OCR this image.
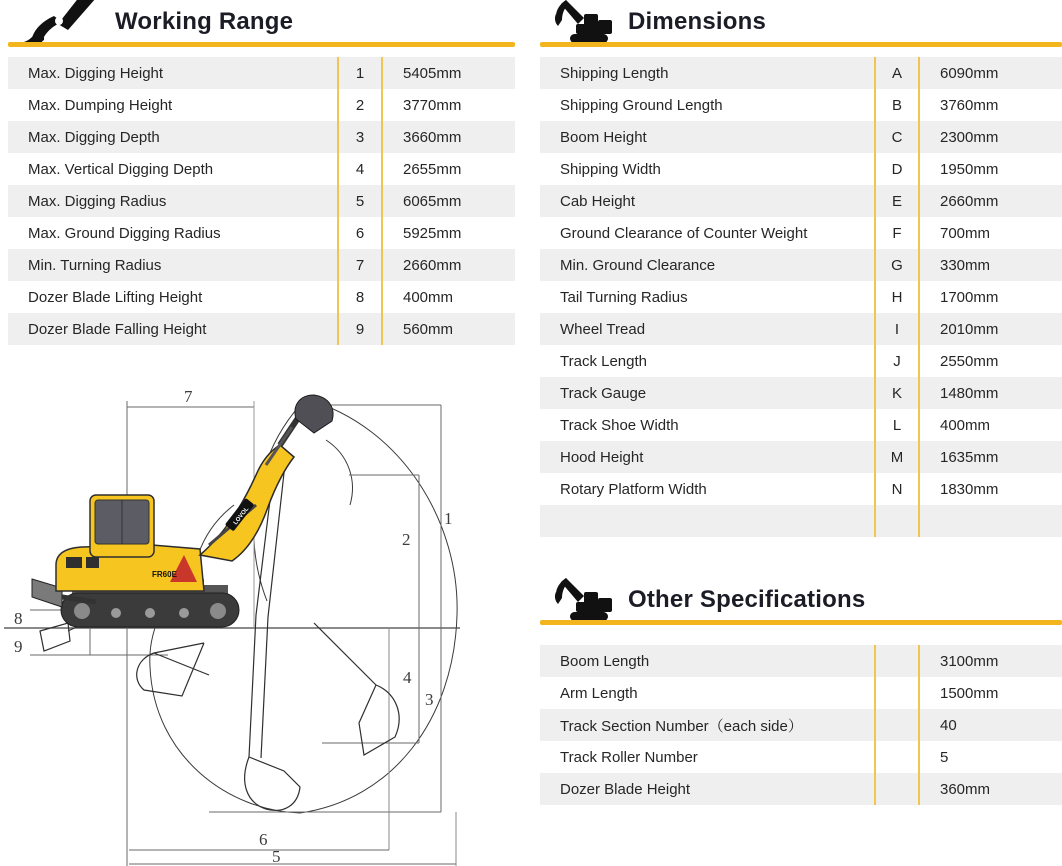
Working Range
Max. Digging Height	1	5405mm
Max. Dumping Height	2	3770mm
Max. Digging Depth	3	3660mm
Max. Vertical Digging Depth	4	2655mm
Max. Digging Radius	5	6065mm
Max. Ground Digging Radius	6	5925mm
Min. Turning Radius	7	2660mm
Dozer Blade Lifting Height	8	400mm
Dozer Blade Falling Height	9	560mm
7
1
2
8
9
4
3
6
5
FR60E
LOVOL
Dimensions
Shipping Length	A	6090mm
Shipping Ground Length	B	3760mm
Boom Height	C	2300mm
Shipping Width	D	1950mm
Cab Height	E	2660mm
Ground Clearance of Counter Weight	F	700mm
Min. Ground Clearance	G	330mm
Tail Turning Radius	H	1700mm
Wheel Tread	I	2010mm
Track Length	J	2550mm
Track Gauge	K	1480mm
Track Shoe Width	L	400mm
Hood Height	M	1635mm
Rotary Platform Width	N	1830mm
Other Specifications
Boom Length	3100mm
Arm Length	1500mm
Track Section Number（each side）	40
Track Roller Number	5
Dozer Blade Height	360mm
